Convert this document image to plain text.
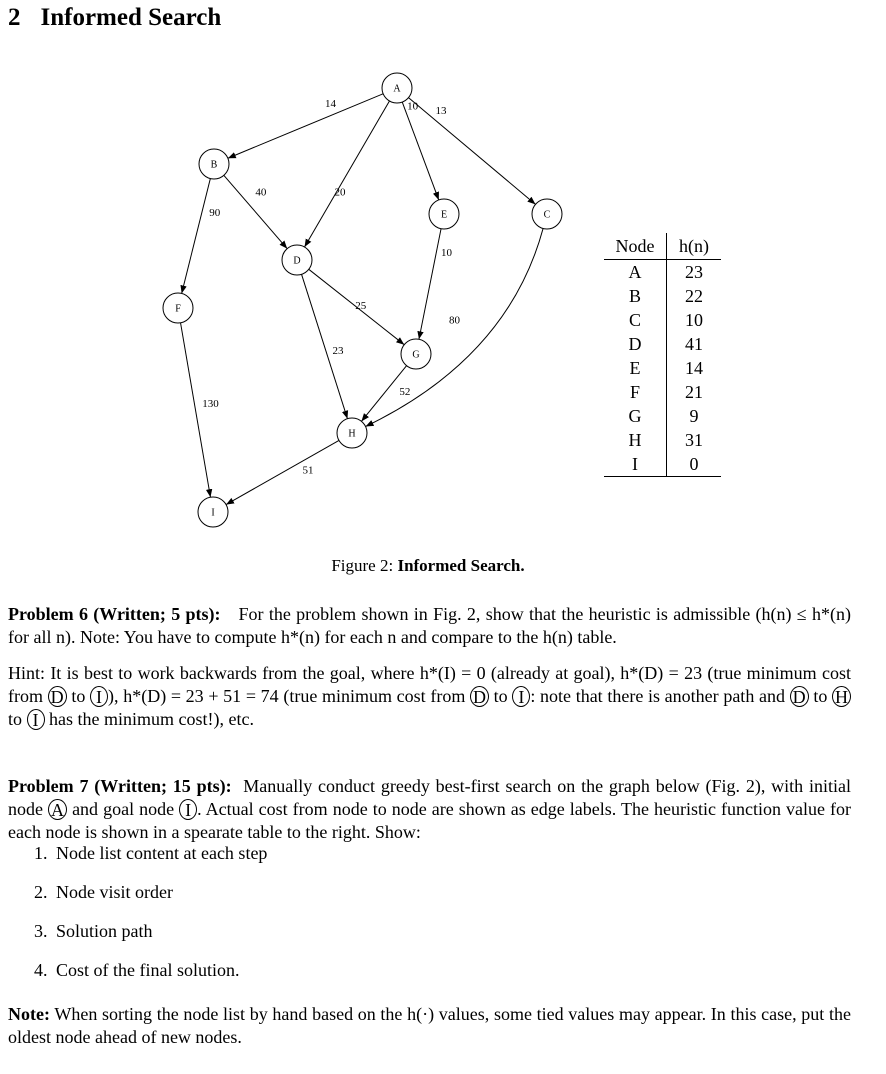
2 Informed Search
14
20
10 13
90
40
10
80
25
23
52
130
51
A
B
C
D
E
F
G
H
I
Node	h(n)
A	23
B	22
C	10
D	41
E	14
F	21
G	9
H	31
I	0
Figure 2: Informed Search.
Problem 6 (Written; 5 pts): For the problem shown in Fig. 2, show that the heuristic is admissible (h(n) ≤ h*(n) for all n). Note: You have to compute h*(n) for each n and compare to the h(n) table.
Hint: It is best to work backwards from the goal, where h*(I) = 0 (already at goal), h*(D) = 23 (true minimum cost from D to I ), h*(D) = 23 + 51 = 74 (true minimum cost from D to I : note that there is another path and D to H to I has the minimum cost!), etc.
Problem 7 (Written; 15 pts): Manually conduct greedy best-first search on the graph below (Fig. 2), with initial node A and goal node I . Actual cost from node to node are shown as edge labels. The heuristic function value for each node is shown in a spearate table to the right. Show:
1. Node list content at each step
2. Node visit order
3. Solution path
4. Cost of the final solution.
Note: When sorting the node list by hand based on the h(·) values, some tied values may appear. In this case, put the oldest node ahead of new nodes.
